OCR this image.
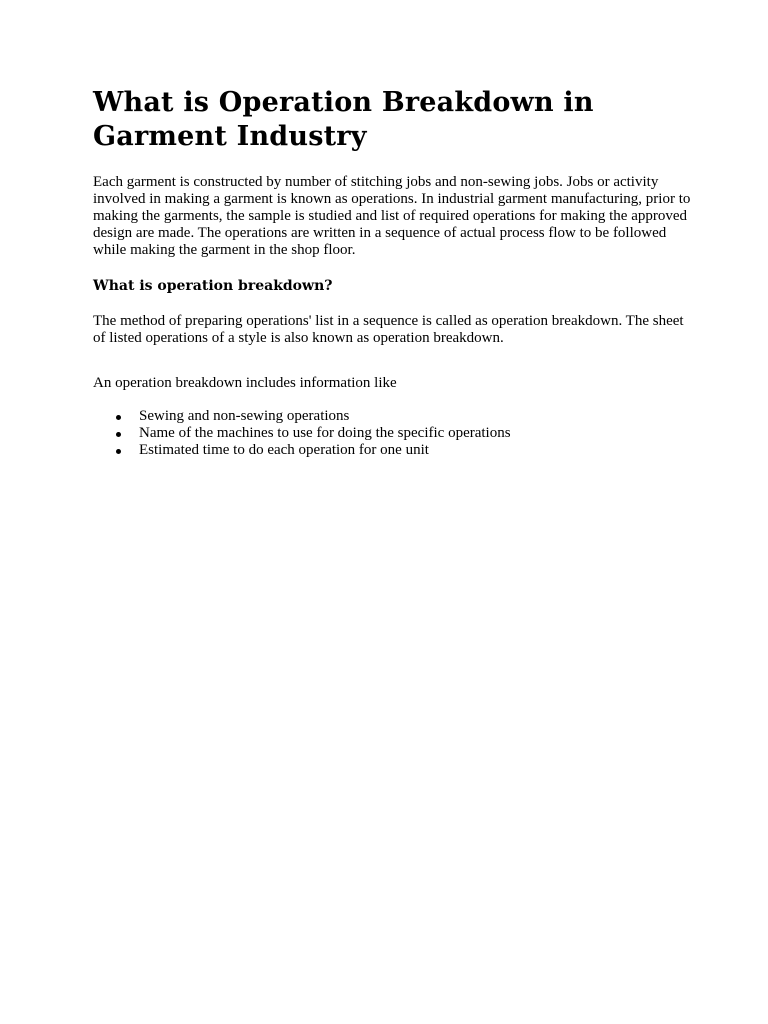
What is Operation Breakdown in Garment Industry

Each garment is constructed by number of stitching jobs and non-sewing jobs. Jobs or activity involved in making a garment is known as operations. In industrial garment manufacturing, prior to making the garments, the sample is studied and list of required operations for making the approved design are made. The operations are written in a sequence of actual process flow to be followed while making the garment in the shop floor.

What is operation breakdown?

The method of preparing operations' list in a sequence is called as operation breakdown. The sheet of listed operations of a style is also known as operation breakdown.

An operation breakdown includes information like

Sewing and non-sewing operations
Name of the machines to use for doing the specific operations
Estimated time to do each operation for one unit
